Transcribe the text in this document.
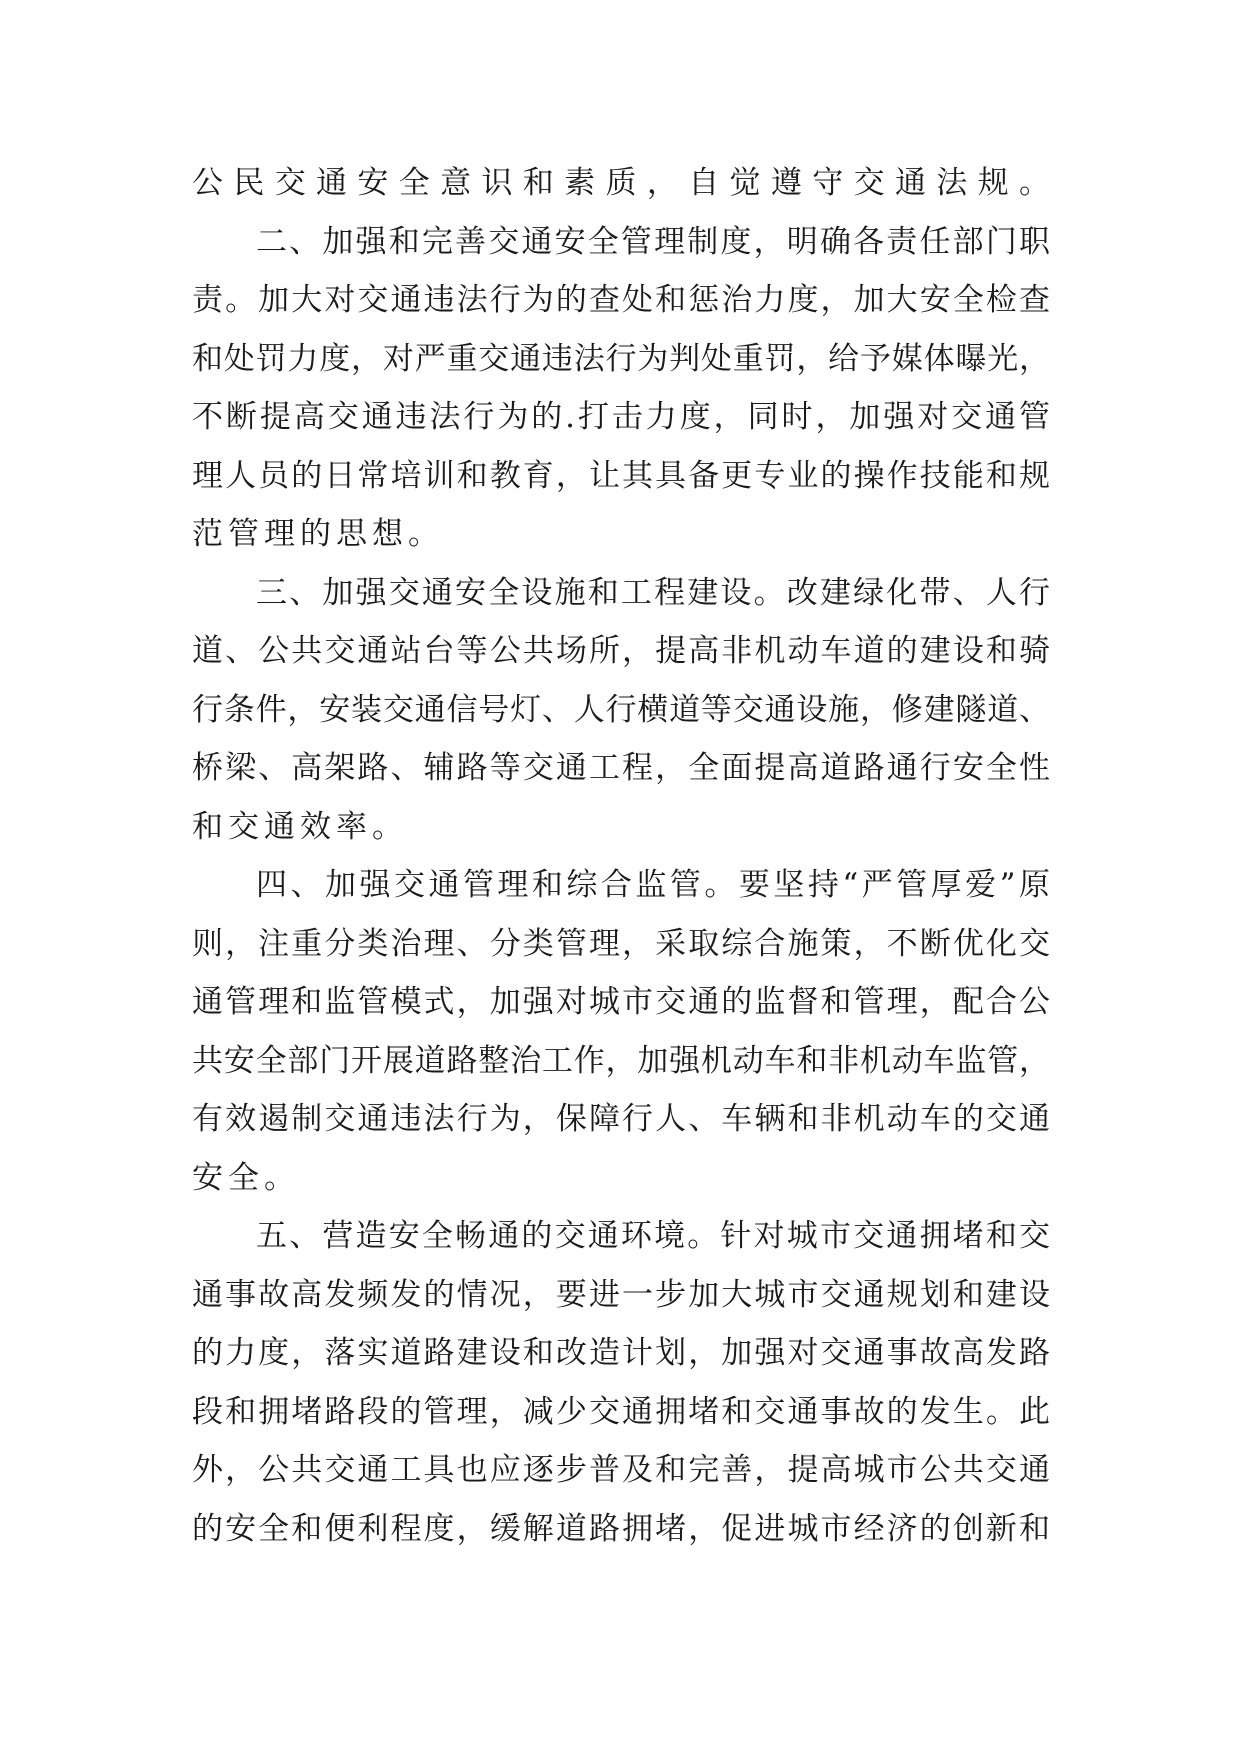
公民交通安全意识和素质，自觉遵守交通法规。
二、加强和完善交通安全管理制度，明确各责任部门职
责。加大对交通违法行为的查处和惩治力度，加大安全检查
和处罚力度，对严重交通违法行为判处重罚，给予媒体曝光，
不断提高交通违法行为的.打击力度，同时，加强对交通管
理人员的日常培训和教育，让其具备更专业的操作技能和规
范管理的思想。
三、加强交通安全设施和工程建设。改建绿化带、人行
道、公共交通站台等公共场所，提高非机动车道的建设和骑
行条件，安装交通信号灯、人行横道等交通设施，修建隧道、
桥梁、高架路、辅路等交通工程，全面提高道路通行安全性
和交通效率。
四、加强交通管理和综合监管。要坚持“严管厚爱”原
则，注重分类治理、分类管理，采取综合施策，不断优化交
通管理和监管模式，加强对城市交通的监督和管理，配合公
共安全部门开展道路整治工作，加强机动车和非机动车监管，
有效遏制交通违法行为，保障行人、车辆和非机动车的交通
安全。
五、营造安全畅通的交通环境。针对城市交通拥堵和交
通事故高发频发的情况，要进一步加大城市交通规划和建设
的力度，落实道路建设和改造计划，加强对交通事故高发路
段和拥堵路段的管理，减少交通拥堵和交通事故的发生。此
外，公共交通工具也应逐步普及和完善，提高城市公共交通
的安全和便利程度，缓解道路拥堵，促进城市经济的创新和
